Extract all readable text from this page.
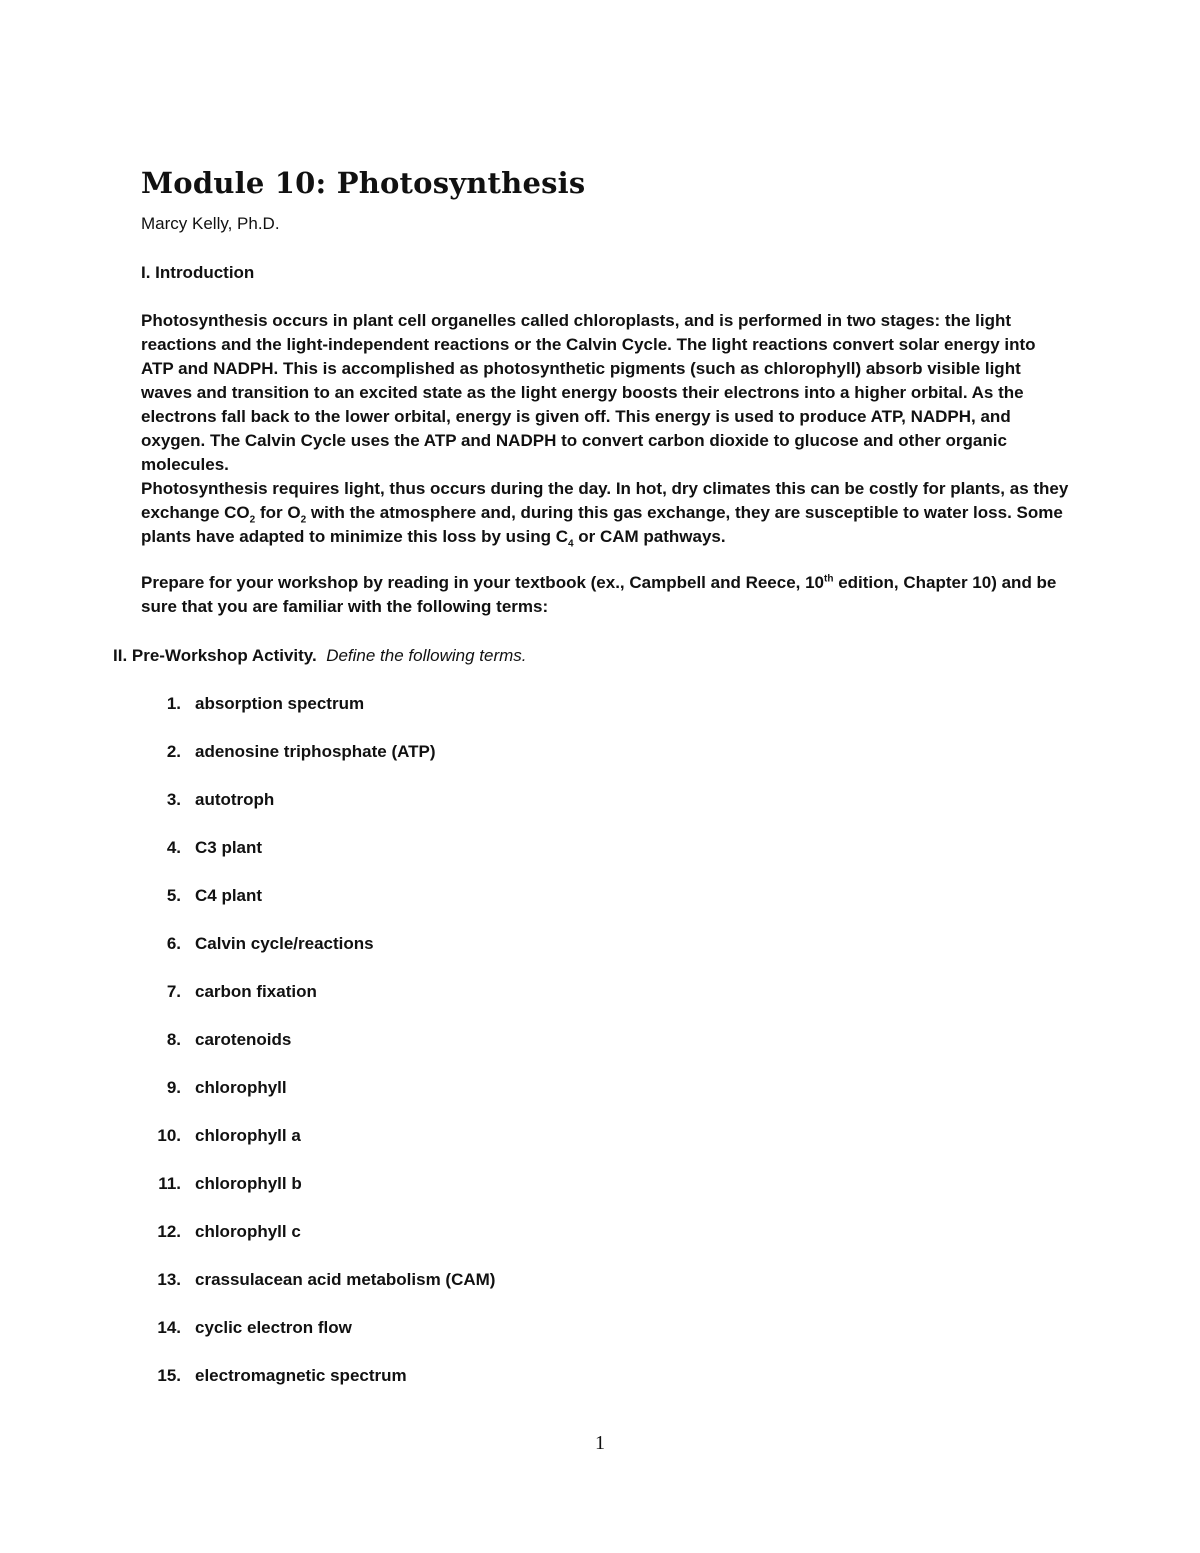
Module 10: Photosynthesis

Marcy Kelly, Ph.D.

I. Introduction

Photosynthesis occurs in plant cell organelles called chloroplasts, and is performed in two stages: the light reactions and the light-independent reactions or the Calvin Cycle. The light reactions convert solar energy into ATP and NADPH. This is accomplished as photosynthetic pigments (such as chlorophyll) absorb visible light waves and transition to an excited state as the light energy boosts their electrons into a higher orbital. As the electrons fall back to the lower orbital, energy is given off. This energy is used to produce ATP, NADPH, and oxygen. The Calvin Cycle uses the ATP and NADPH to convert carbon dioxide to glucose and other organic molecules.

Photosynthesis requires light, thus occurs during the day. In hot, dry climates this can be costly for plants, as they exchange $CO_2$ for $O_2$ with the atmosphere and, during this gas exchange, they are susceptible to water loss. Some plants have adapted to minimize this loss by using $C_4$ or CAM pathways.

Prepare for your workshop by reading in your textbook (ex., Campbell and Reece, 10th edition, Chapter 10) and be sure that you are familiar with the following terms:

II. Pre-Workshop Activity. Define the following terms.

1. absorption spectrum
2. adenosine triphosphate (ATP)
3. autotroph
4. C3 plant
5. C4 plant
6. Calvin cycle/reactions
7. carbon fixation
8. carotenoids
9. chlorophyll
10. chlorophyll a
11. chlorophyll b
12. chlorophyll c
13. crassulacean acid metabolism (CAM)
14. cyclic electron flow
15. electromagnetic spectrum
1
